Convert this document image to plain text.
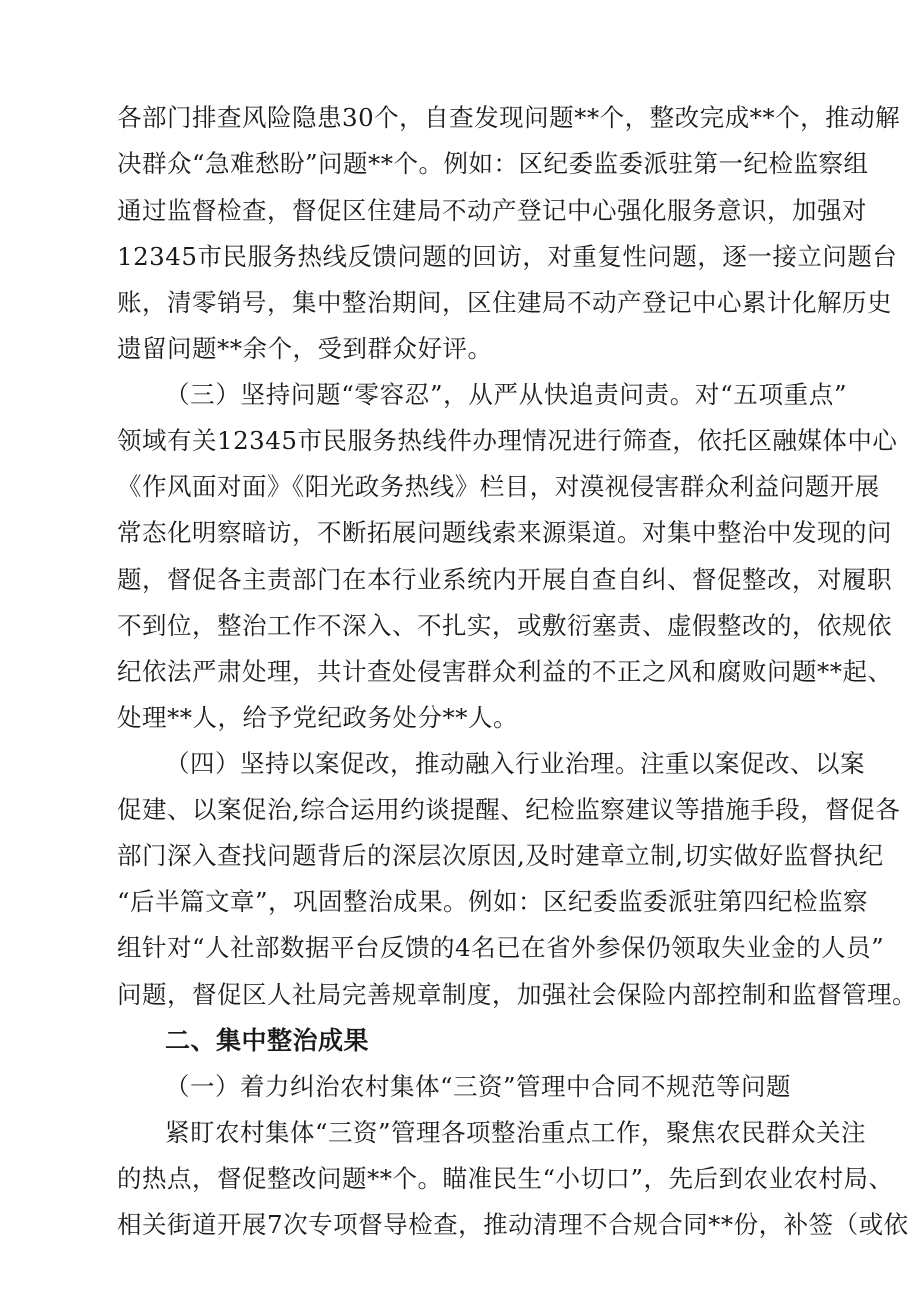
各部门排查风险隐患30个，自查发现问题**个，整改完成**个，推动解
决群众“急难愁盼”问题**个。例如：区纪委监委派驻第一纪检监察组
通过监督检查，督促区住建局不动产登记中心强化服务意识，加强对
12345市民服务热线反馈问题的回访，对重复性问题，逐一接立问题台
账，清零销号，集中整治期间，区住建局不动产登记中心累计化解历史
遗留问题**余个，受到群众好评。
（三）坚持问题“零容忍”，从严从快追责问责。对“五项重点”
领域有关12345市民服务热线件办理情况进行筛查，依托区融媒体中心
《作风面对面》《阳光政务热线》栏目，对漠视侵害群众利益问题开展
常态化明察暗访，不断拓展问题线索来源渠道。对集中整治中发现的问
题，督促各主责部门在本行业系统内开展自查自纠、督促整改，对履职
不到位，整治工作不深入、不扎实，或敷衍塞责、虚假整改的，依规依
纪依法严肃处理，共计查处侵害群众利益的不正之风和腐败问题**起、
处理**人，给予党纪政务处分**人。
（四）坚持以案促改，推动融入行业治理。注重以案促改、以案
促建、以案促治,综合运用约谈提醒、纪检监察建议等措施手段，督促各
部门深入查找问题背后的深层次原因,及时建章立制,切实做好监督执纪
“后半篇文章”，巩固整治成果。例如：区纪委监委派驻第四纪检监察
组针对“人社部数据平台反馈的4名已在省外参保仍领取失业金的人员”
问题，督促区人社局完善规章制度，加强社会保险内部控制和监督管理。
二、集中整治成果
（一）着力纠治农村集体“三资”管理中合同不规范等问题
紧盯农村集体“三资”管理各项整治重点工作，聚焦农民群众关注
的热点，督促整改问题**个。瞄准民生“小切口”，先后到农业农村局、
相关街道开展7次专项督导检查，推动清理不合规合同**份，补签（或依
